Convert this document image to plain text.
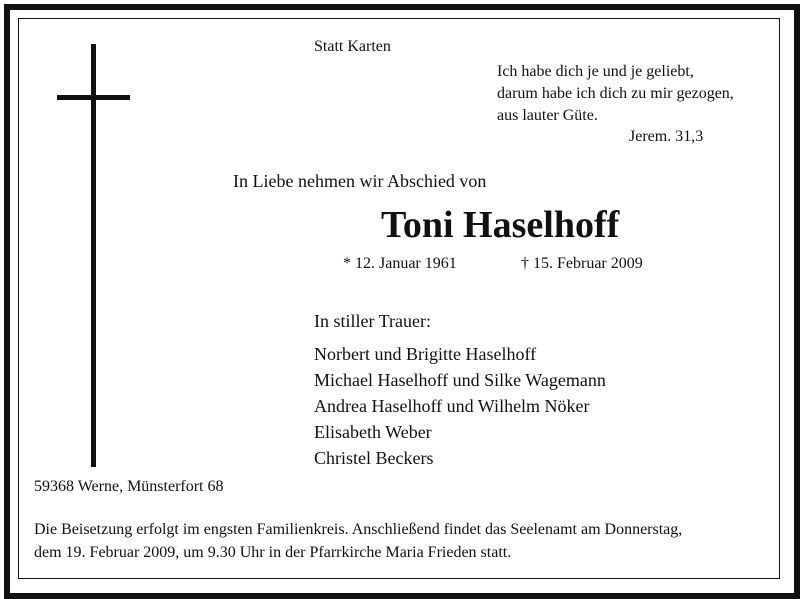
Statt Karten
Ich habe dich je und je geliebt,
darum habe ich dich zu mir gezogen,
aus lauter Güte.
Jerem. 31,3
In Liebe nehmen wir Abschied von
Toni Haselhoff
* 12. Januar 1961	† 15. Februar 2009
In stiller Trauer:
Norbert und Brigitte Haselhoff
Michael Haselhoff und Silke Wagemann
Andrea Haselhoff und Wilhelm Nöker
Elisabeth Weber
Christel Beckers
59368 Werne, Münsterfort 68
Die Beisetzung erfolgt im engsten Familienkreis. Anschließend findet das Seelenamt am Donnerstag,
dem 19. Februar 2009, um 9.30 Uhr in der Pfarrkirche Maria Frieden statt.
